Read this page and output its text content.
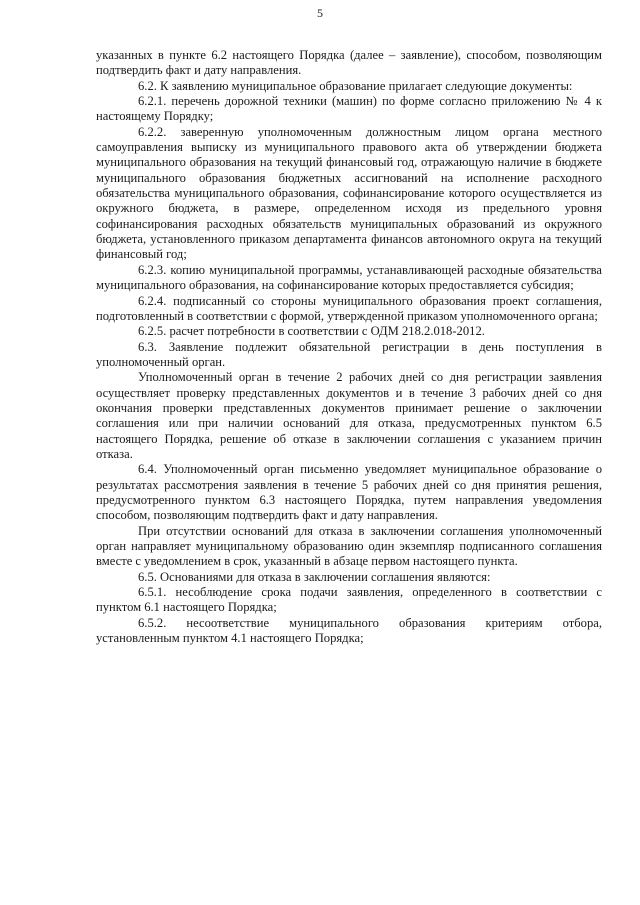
5

указанных в пункте 6.2 настоящего Порядка (далее – заявление), способом, позволяющим подтвердить факт и дату направления.

6.2. К заявлению муниципальное образование прилагает следующие документы:

6.2.1. перечень дорожной техники (машин) по форме согласно приложению № 4 к настоящему Порядку;

6.2.2. заверенную уполномоченным должностным лицом органа местного самоуправления выписку из муниципального правового акта об утверждении бюджета муниципального образования на текущий финансовый год, отражающую наличие в бюджете муниципального образования бюджетных ассигнований на исполнение расходного обязательства муниципального образования, софинансирование которого осуществляется из окружного бюджета, в размере, определенном исходя из предельного уровня софинансирования расходных обязательств муниципальных образований из окружного бюджета, установленного приказом департамента финансов автономного округа на текущий финансовый год;

6.2.3. копию муниципальной программы, устанавливающей расходные обязательства муниципального образования, на софинансирование которых предоставляется субсидия;

6.2.4. подписанный со стороны муниципального образования проект соглашения, подготовленный в соответствии с формой, утвержденной приказом уполномоченного органа;

6.2.5. расчет потребности в соответствии с ОДМ 218.2.018-2012.

6.3. Заявление подлежит обязательной регистрации в день поступления в уполномоченный орган.

Уполномоченный орган в течение 2 рабочих дней со дня регистрации заявления осуществляет проверку представленных документов и в течение 3 рабочих дней со дня окончания проверки представленных документов принимает решение о заключении соглашения или при наличии оснований для отказа, предусмотренных пунктом 6.5 настоящего Порядка, решение об отказе в заключении соглашения с указанием причин отказа.

6.4. Уполномоченный орган письменно уведомляет муниципальное образование о результатах рассмотрения заявления в течение 5 рабочих дней со дня принятия решения, предусмотренного пунктом 6.3 настоящего Порядка, путем направления уведомления способом, позволяющим подтвердить факт и дату направления.

При отсутствии оснований для отказа в заключении соглашения уполномоченный орган направляет муниципальному образованию один экземпляр подписанного соглашения вместе с уведомлением в срок, указанный в абзаце первом настоящего пункта.

6.5. Основаниями для отказа в заключении соглашения являются:

6.5.1. несоблюдение срока подачи заявления, определенного в соответствии с пунктом 6.1 настоящего Порядка;

6.5.2. несоответствие муниципального образования критериям отбора, установленным пунктом 4.1 настоящего Порядка;
